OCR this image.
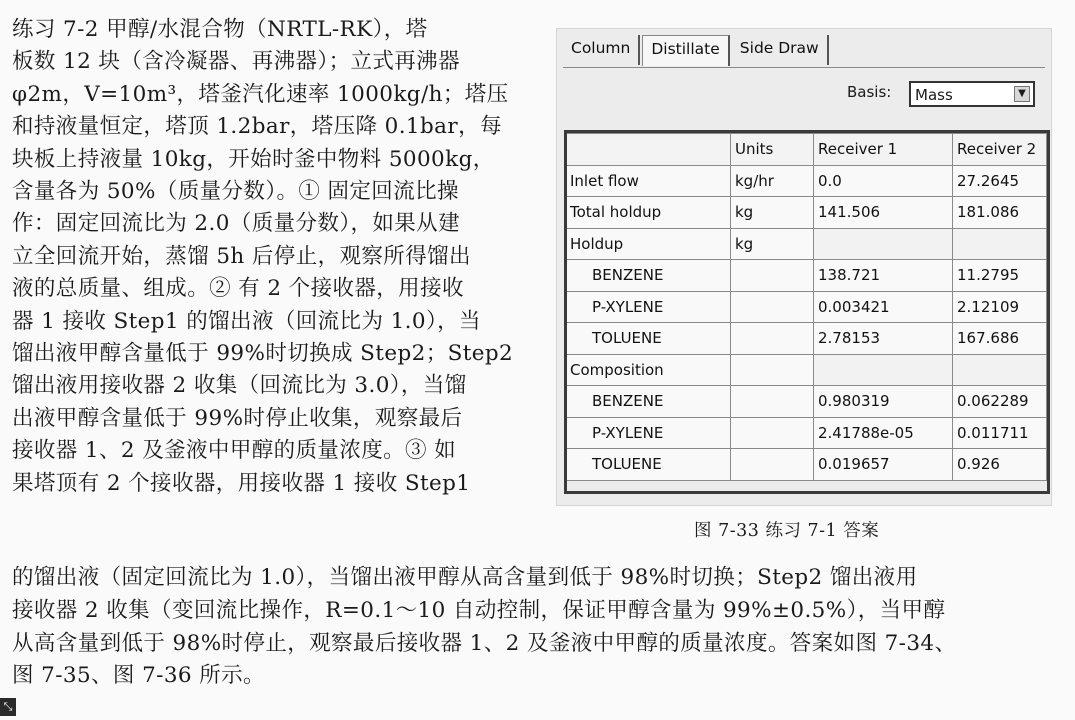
练习 7-2 甲醇/水混合物（NRTL-RK），塔
板数 12 块（含冷凝器、再沸器）；立式再沸器
φ2m，V=10m³，塔釜汽化速率 1000kg/h；塔压
和持液量恒定，塔顶 1.2bar，塔压降 0.1bar，每
块板上持液量 10kg，开始时釜中物料 5000kg，
含量各为 50%（质量分数）。① 固定回流比操
作：固定回流比为 2.0（质量分数），如果从建
立全回流开始，蒸馏 5h 后停止，观察所得馏出
液的总质量、组成。② 有 2 个接收器，用接收
器 1 接收 Step1 的馏出液（回流比为 1.0），当
馏出液甲醇含量低于 99%时切换成 Step2；Step2
馏出液用接收器 2 收集（回流比为 3.0），当馏
出液甲醇含量低于 99%时停止收集，观察最后
接收器 1、2 及釜液中甲醇的质量浓度。③ 如
果塔顶有 2 个接收器，用接收器 1 接收 Step1
Column	Distillate	Side Draw
Basis:	Mass	▼
	Units	Receiver 1	Receiver 2
Inlet flow	kg/hr	0.0	27.2645
Total holdup	kg	141.506	181.086
Holdup	kg		
BENZENE		138.721	11.2795
P-XYLENE		0.003421	2.12109
TOLUENE		2.78153	167.686
Composition			
BENZENE		0.980319	0.062289
P-XYLENE		2.41788e-05	0.011711
TOLUENE		0.019657	0.926
图 7-33 练习 7-1 答案
的馏出液（固定回流比为 1.0），当馏出液甲醇从高含量到低于 98%时切换；Step2 馏出液用
接收器 2 收集（变回流比操作，R=0.1～10 自动控制，保证甲醇含量为 99%±0.5%），当甲醇
从高含量到低于 98%时停止，观察最后接收器 1、2 及釜液中甲醇的质量浓度。答案如图 7-34、
图 7-35、图 7-36 所示。
⤡
